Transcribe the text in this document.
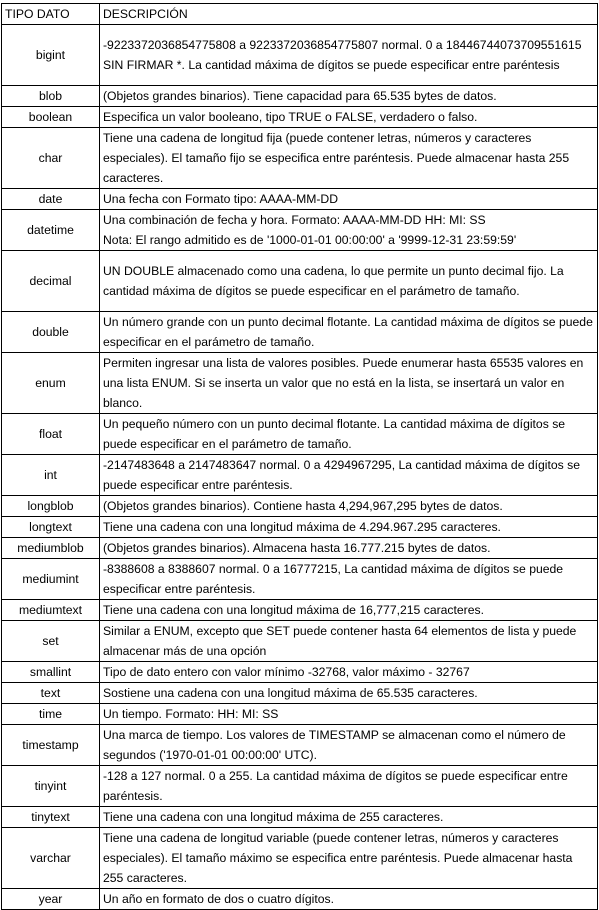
TIPO DATO	DESCRIPCIÓN
bigint	-9223372036854775808 a 9223372036854775807 normal. 0 a 18446744073709551615 SIN FIRMAR *. La cantidad máxima de dígitos se puede especificar entre paréntesis
blob	(Objetos grandes binarios). Tiene capacidad para 65.535 bytes de datos.
boolean	Especifica un valor booleano, tipo TRUE o FALSE, verdadero o falso.
char	Tiene una cadena de longitud fija (puede contener letras, números y caracteres especiales). El tamaño fijo se especifica entre paréntesis. Puede almacenar hasta 255 caracteres.
date	Una fecha con Formato tipo: AAAA-MM-DD
datetime	Una combinación de fecha y hora. Formato: AAAA-MM-DD HH: MI: SS
Nota: El rango admitido es de '1000-01-01 00:00:00' a '9999-12-31 23:59:59'
decimal	UN DOUBLE almacenado como una cadena, lo que permite un punto decimal fijo. La cantidad máxima de dígitos se puede especificar en el parámetro de tamaño.
double	Un número grande con un punto decimal flotante. La cantidad máxima de dígitos se puede especificar en el parámetro de tamaño.
enum	Permiten ingresar una lista de valores posibles. Puede enumerar hasta 65535 valores en una lista ENUM. Si se inserta un valor que no está en la lista, se insertará un valor en blanco.
float	Un pequeño número con un punto decimal flotante. La cantidad máxima de dígitos se puede especificar en el parámetro de tamaño.
int	-2147483648 a 2147483647 normal. 0 a 4294967295, La cantidad máxima de dígitos se puede especificar entre paréntesis.
longblob	(Objetos grandes binarios). Contiene hasta 4,294,967,295 bytes de datos.
longtext	Tiene una cadena con una longitud máxima de 4.294.967.295 caracteres.
mediumblob	(Objetos grandes binarios). Almacena hasta 16.777.215 bytes de datos.
mediumint	-8388608 a 8388607 normal. 0 a 16777215, La cantidad máxima de dígitos se puede especificar entre paréntesis.
mediumtext	Tiene una cadena con una longitud máxima de 16,777,215 caracteres.
set	Similar a ENUM, excepto que SET puede contener hasta 64 elementos de lista y puede almacenar más de una opción
smallint	Tipo de dato entero con valor mínimo -32768, valor máximo - 32767
text	Sostiene una cadena con una longitud máxima de 65.535 caracteres.
time	Un tiempo. Formato: HH: MI: SS
timestamp	Una marca de tiempo. Los valores de TIMESTAMP se almacenan como el número de segundos ('1970-01-01 00:00:00' UTC).
tinyint	-128 a 127 normal. 0 a 255. La cantidad máxima de dígitos se puede especificar entre paréntesis.
tinytext	Tiene una cadena con una longitud máxima de 255 caracteres.
varchar	Tiene una cadena de longitud variable (puede contener letras, números y caracteres especiales). El tamaño máximo se especifica entre paréntesis. Puede almacenar hasta 255 caracteres.
year	Un año en formato de dos o cuatro dígitos.
